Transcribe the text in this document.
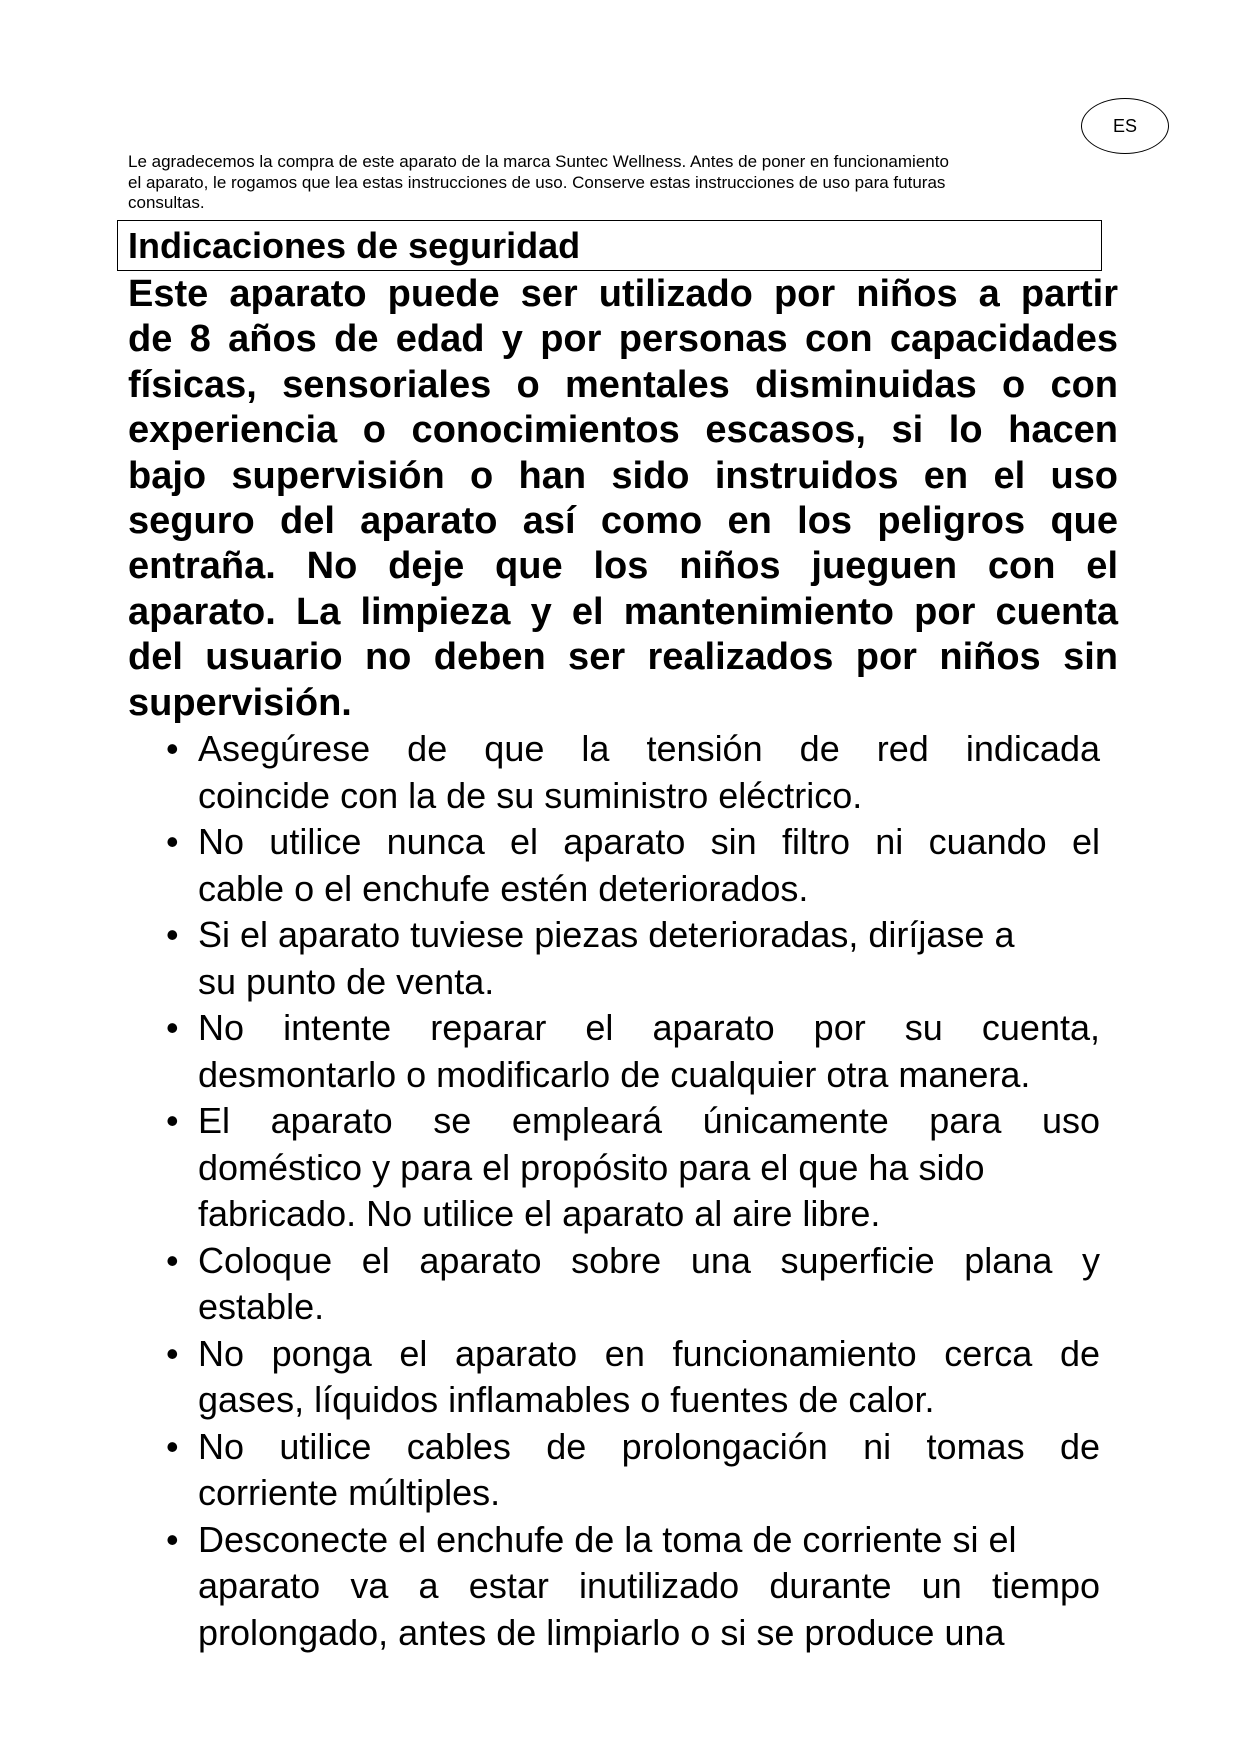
ES
Le agradecemos la compra de este aparato de la marca Suntec Wellness. Antes de poner en funcionamiento
el aparato, le rogamos que lea estas instrucciones de uso. Conserve estas instrucciones de uso para futuras
consultas.
Indicaciones de seguridad
Este aparato puede ser utilizado por niños a partir
de 8 años de edad y por personas con capacidades
físicas, sensoriales o mentales disminuidas o con
experiencia o conocimientos escasos, si lo hacen
bajo supervisión o han sido instruidos en el uso
seguro del aparato así como en los peligros que
entraña. No deje que los niños jueguen con el
aparato. La limpieza y el mantenimiento por cuenta
del usuario no deben ser realizados por niños sin
supervisión.
• Asegúrese de que la tensión de red indicada
coincide con la de su suministro eléctrico.
• No utilice nunca el aparato sin filtro ni cuando el
cable o el enchufe estén deteriorados.
• Si el aparato tuviese piezas deterioradas, diríjase a
su punto de venta.
• No intente reparar el aparato por su cuenta,
desmontarlo o modificarlo de cualquier otra manera.
• El aparato se empleará únicamente para uso
doméstico y para el propósito para el que ha sido
fabricado. No utilice el aparato al aire libre.
• Coloque el aparato sobre una superficie plana y
estable.
• No ponga el aparato en funcionamiento cerca de
gases, líquidos inflamables o fuentes de calor.
• No utilice cables de prolongación ni tomas de
corriente múltiples.
• Desconecte el enchufe de la toma de corriente si el
aparato va a estar inutilizado durante un tiempo
prolongado, antes de limpiarlo o si se produce una
